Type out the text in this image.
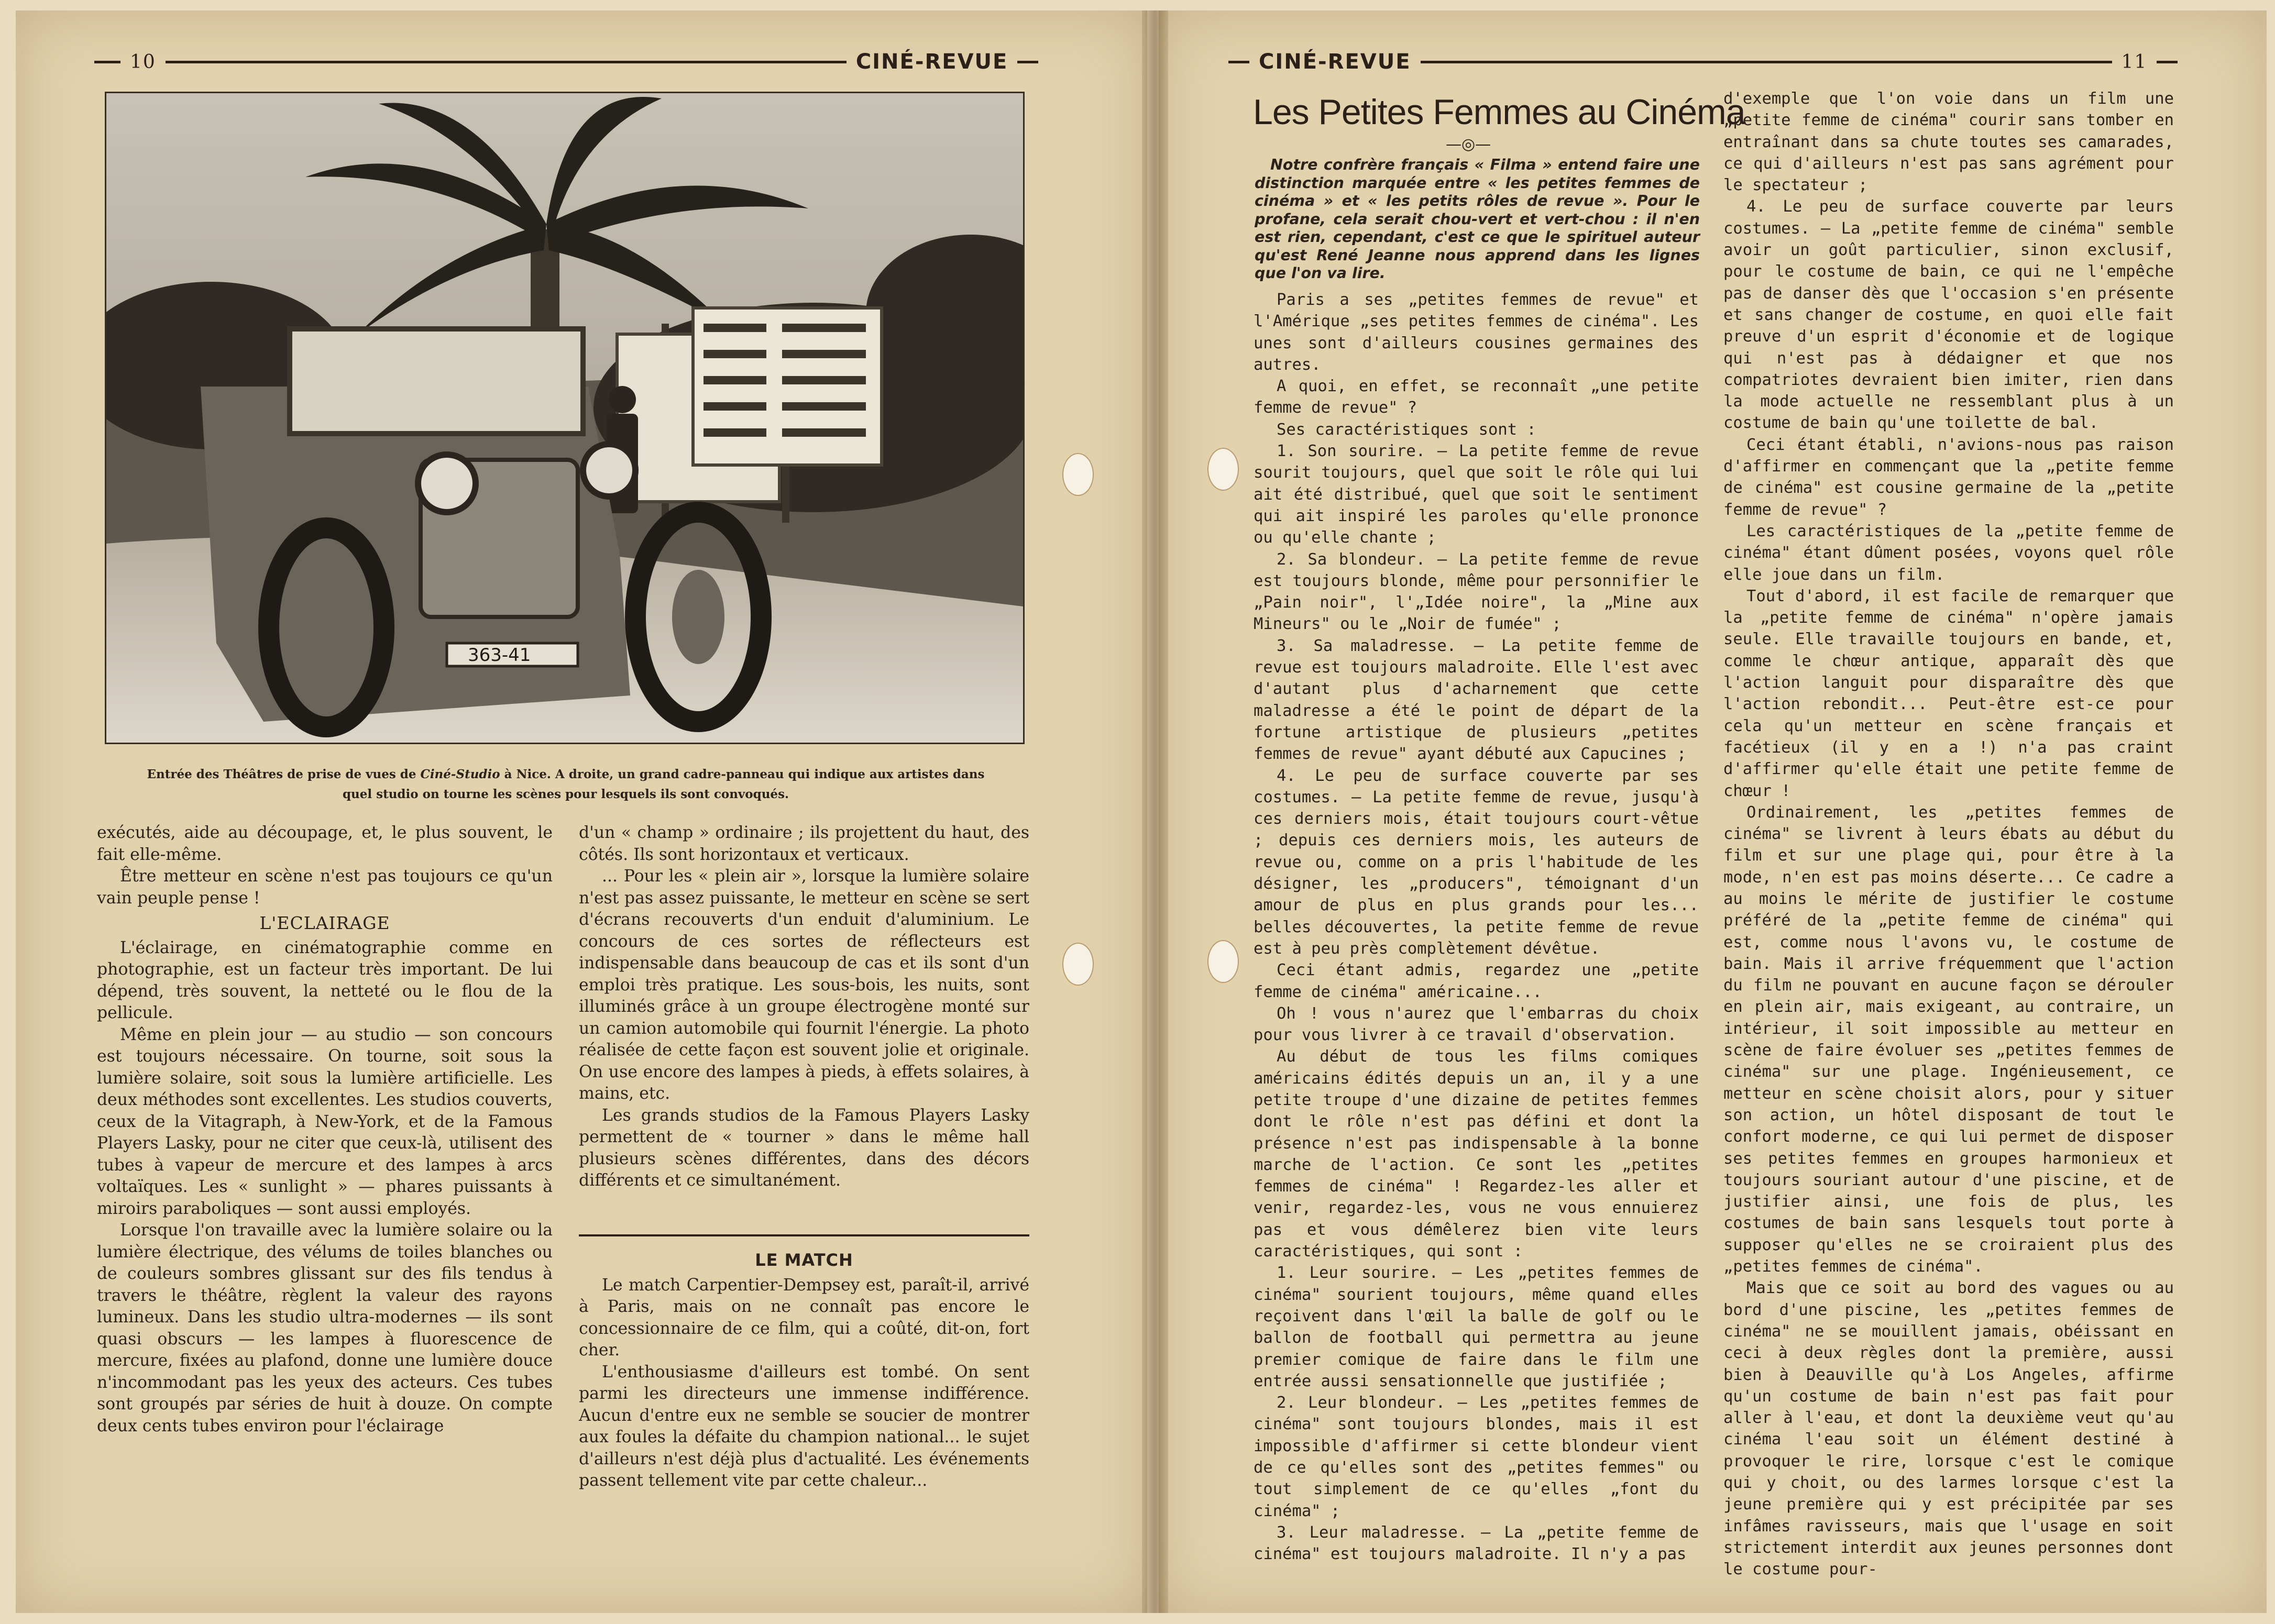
10	CINÉ-REVUE
363-41
Entrée des Théâtres de prise de vues de Ciné-Studio à Nice. A droite, un grand cadre-panneau qui indique aux artistes dans quel studio on tourne les scènes pour lesquels ils sont convoqués.

exécutés, aide au découpage, et, le plus souvent, le fait elle-même.

Être metteur en scène n'est pas toujours ce qu'un vain peuple pense !

L'ECLAIRAGE

L'éclairage, en cinématographie comme en photographie, est un facteur très important. De lui dépend, très souvent, la netteté ou le flou de la pellicule.

Même en plein jour — au studio — son concours est toujours nécessaire. On tourne, soit sous la lumière solaire, soit sous la lumière artificielle. Les deux méthodes sont excellentes. Les studios couverts, ceux de la Vitagraph, à New-York, et de la Famous Players Lasky, pour ne citer que ceux-là, utilisent des tubes à vapeur de mercure et des lampes à arcs voltaïques. Les « sunlight » — phares puissants à miroirs paraboliques — sont aussi employés.

Lorsque l'on travaille avec la lumière solaire ou la lumière électrique, des vélums de toiles blanches ou de couleurs sombres glissant sur des fils tendus à travers le théâtre, règlent la valeur des rayons lumineux. Dans les studio ultra-modernes — ils sont quasi obscurs — les lampes à fluorescence de mercure, fixées au plafond, donne une lumière douce n'incommodant pas les yeux des acteurs. Ces tubes sont groupés par séries de huit à douze. On compte deux cents tubes environ pour l'éclairage

d'un « champ » ordinaire ; ils projettent du haut, des côtés. Ils sont horizontaux et verticaux.

... Pour les « plein air », lorsque la lumière solaire n'est pas assez puissante, le metteur en scène se sert d'écrans recouverts d'un enduit d'aluminium. Le concours de ces sortes de réflecteurs est indispensable dans beaucoup de cas et ils sont d'un emploi très pratique. Les sous-bois, les nuits, sont illuminés grâce à un groupe électrogène monté sur un camion automobile qui fournit l'énergie. La photo réalisée de cette façon est souvent jolie et originale. On use encore des lampes à pieds, à effets solaires, à mains, etc.

Les grands studios de la Famous Players Lasky permettent de « tourner » dans le même hall plusieurs scènes différentes, dans des décors différents et ce simultanément.

LE MATCH

Le match Carpentier-Dempsey est, paraît-il, arrivé à Paris, mais on ne connaît pas encore le concessionnaire de ce film, qui a coûté, dit-on, fort cher.

L'enthousiasme d'ailleurs est tombé. On sent parmi les directeurs une immense indifférence. Aucun d'entre eux ne semble se soucier de montrer aux foules la défaite du champion national... le sujet d'ailleurs n'est déjà plus d'actualité. Les événements passent tellement vite par cette chaleur...

CINÉ-REVUE	11
Les Petites Femmes au Cinéma
—◎—

Notre confrère français « Filma » entend faire une distinction marquée entre « les petites femmes de cinéma » et « les petits rôles de revue ». Pour le profane, cela serait chou-vert et vert-chou : il n'en est rien, cependant, c'est ce que le spirituel auteur qu'est René Jeanne nous apprend dans les lignes que l'on va lire.

Paris a ses „petites femmes de revue" et l'Amérique „ses petites femmes de cinéma". Les unes sont d'ailleurs cousines germaines des autres.

A quoi, en effet, se reconnaît „une petite femme de revue" ?

Ses caractéristiques sont :

1. Son sourire. — La petite femme de revue sourit toujours, quel que soit le rôle qui lui ait été distribué, quel que soit le sentiment qui ait inspiré les paroles qu'elle prononce ou qu'elle chante ;

2. Sa blondeur. — La petite femme de revue est toujours blonde, même pour personnifier le „Pain noir", l'„Idée noire", la „Mine aux Mineurs" ou le „Noir de fumée" ;

3. Sa maladresse. — La petite femme de revue est toujours maladroite. Elle l'est avec d'autant plus d'acharnement que cette maladresse a été le point de départ de la fortune artistique de plusieurs „petites femmes de revue" ayant débuté aux Capucines ;

4. Le peu de surface couverte par ses costumes. — La petite femme de revue, jusqu'à ces derniers mois, était toujours court-vêtue ; depuis ces derniers mois, les auteurs de revue ou, comme on a pris l'habitude de les désigner, les „producers", témoignant d'un amour de plus en plus grands pour les... belles découvertes, la petite femme de revue est à peu près complètement dévêtue.

Ceci étant admis, regardez une „petite femme de cinéma" américaine...

Oh ! vous n'aurez que l'embarras du choix pour vous livrer à ce travail d'observation.

Au début de tous les films comiques américains édités depuis un an, il y a une petite troupe d'une dizaine de petites femmes dont le rôle n'est pas défini et dont la présence n'est pas indispensable à la bonne marche de l'action. Ce sont les „petites femmes de cinéma" ! Regardez-les aller et venir, regardez-les, vous ne vous ennuierez pas et vous démêlerez bien vite leurs caractéristiques, qui sont :

1. Leur sourire. — Les „petites femmes de cinéma" sourient toujours, même quand elles reçoivent dans l'œil la balle de golf ou le ballon de football qui permettra au jeune premier comique de faire dans le film une entrée aussi sensationnelle que justifiée ;

2. Leur blondeur. — Les „petites femmes de cinéma" sont toujours blondes, mais il est impossible d'affirmer si cette blondeur vient de ce qu'elles sont des „petites femmes" ou tout simplement de ce qu'elles „font du cinéma" ;

3. Leur maladresse. — La „petite femme de cinéma" est toujours maladroite. Il n'y a pas

d'exemple que l'on voie dans un film une „petite femme de cinéma" courir sans tomber en entraînant dans sa chute toutes ses camarades, ce qui d'ailleurs n'est pas sans agrément pour le spectateur ;

4. Le peu de surface couverte par leurs costumes. — La „petite femme de cinéma" semble avoir un goût particulier, sinon exclusif, pour le costume de bain, ce qui ne l'empêche pas de danser dès que l'occasion s'en présente et sans changer de costume, en quoi elle fait preuve d'un esprit d'économie et de logique qui n'est pas à dédaigner et que nos compatriotes devraient bien imiter, rien dans la mode actuelle ne ressemblant plus à un costume de bain qu'une toilette de bal.

Ceci étant établi, n'avions-nous pas raison d'affirmer en commençant que la „petite femme de cinéma" est cousine germaine de la „petite femme de revue" ?

Les caractéristiques de la „petite femme de cinéma" étant dûment posées, voyons quel rôle elle joue dans un film.

Tout d'abord, il est facile de remarquer que la „petite femme de cinéma" n'opère jamais seule. Elle travaille toujours en bande, et, comme le chœur antique, apparaît dès que l'action languit pour disparaître dès que l'action rebondit... Peut-être est-ce pour cela qu'un metteur en scène français et facétieux (il y en a !) n'a pas craint d'affirmer qu'elle était une petite femme de chœur !

Ordinairement, les „petites femmes de cinéma" se livrent à leurs ébats au début du film et sur une plage qui, pour être à la mode, n'en est pas moins déserte... Ce cadre a au moins le mérite de justifier le costume préféré de la „petite femme de cinéma" qui est, comme nous l'avons vu, le costume de bain. Mais il arrive fréquemment que l'action du film ne pouvant en aucune façon se dérouler en plein air, mais exigeant, au contraire, un intérieur, il soit impossible au metteur en scène de faire évoluer ses „petites femmes de cinéma" sur une plage. Ingénieusement, ce metteur en scène choisit alors, pour y situer son action, un hôtel disposant de tout le confort moderne, ce qui lui permet de disposer ses petites femmes en groupes harmonieux et toujours souriant autour d'une piscine, et de justifier ainsi, une fois de plus, les costumes de bain sans lesquels tout porte à supposer qu'elles ne se croiraient plus des „petites femmes de cinéma".

Mais que ce soit au bord des vagues ou au bord d'une piscine, les „petites femmes de cinéma" ne se mouillent jamais, obéissant en ceci à deux règles dont la première, aussi bien à Deauville qu'à Los Angeles, affirme qu'un costume de bain n'est pas fait pour aller à l'eau, et dont la deuxième veut qu'au cinéma l'eau soit un élément destiné à provoquer le rire, lorsque c'est le comique qui y choit, ou des larmes lorsque c'est la jeune première qui y est précipitée par ses infâmes ravisseurs, mais que l'usage en soit strictement interdit aux jeunes personnes dont le costume pour-
